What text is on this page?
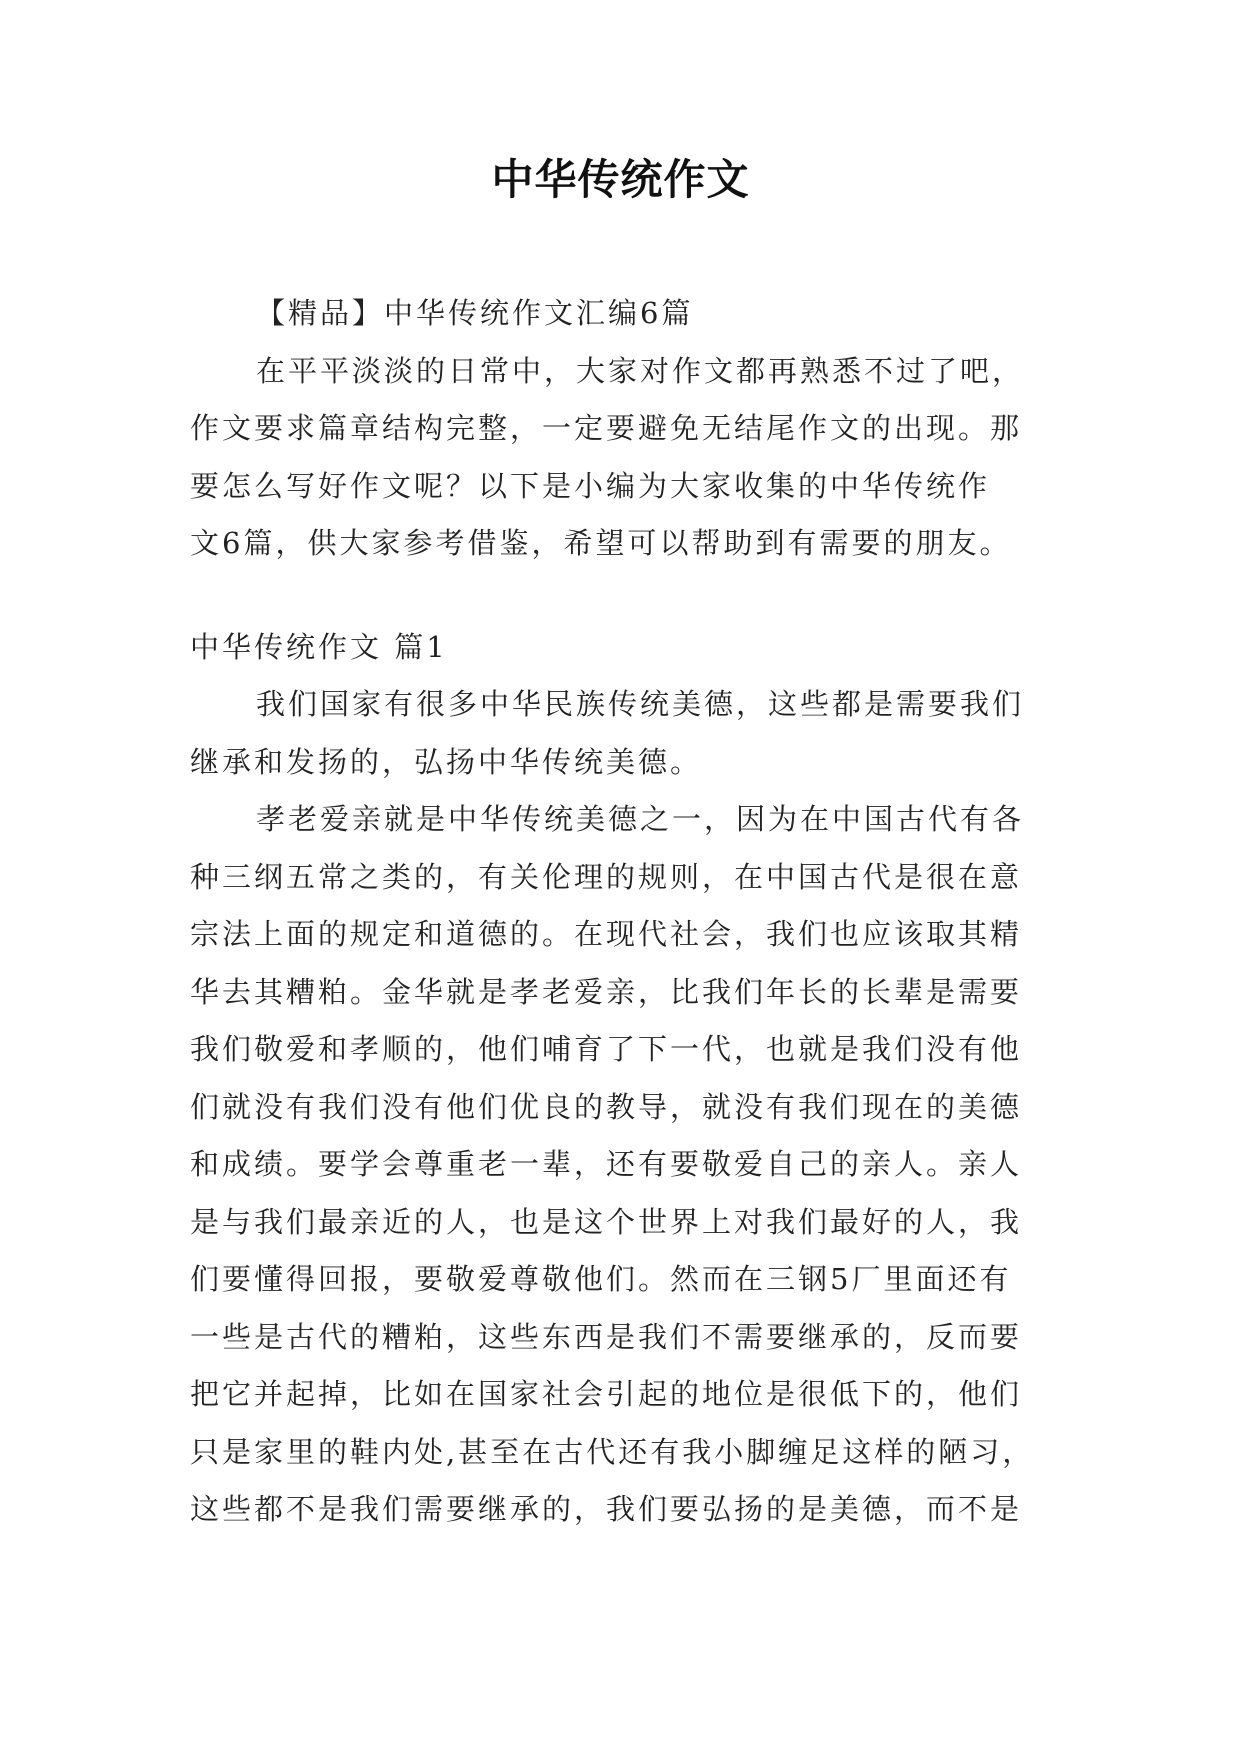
中华传统作文
【精品】中华传统作文汇编6篇
在平平淡淡的日常中，大家对作文都再熟悉不过了吧，
作文要求篇章结构完整，一定要避免无结尾作文的出现。那
要怎么写好作文呢？以下是小编为大家收集的中华传统作
文6篇，供大家参考借鉴，希望可以帮助到有需要的朋友。
中华传统作文 篇1
我们国家有很多中华民族传统美德，这些都是需要我们
继承和发扬的，弘扬中华传统美德。
孝老爱亲就是中华传统美德之一，因为在中国古代有各
种三纲五常之类的，有关伦理的规则，在中国古代是很在意
宗法上面的规定和道德的。在现代社会，我们也应该取其精
华去其糟粕。金华就是孝老爱亲，比我们年长的长辈是需要
我们敬爱和孝顺的，他们哺育了下一代，也就是我们没有他
们就没有我们没有他们优良的教导，就没有我们现在的美德
和成绩。要学会尊重老一辈，还有要敬爱自己的亲人。亲人
是与我们最亲近的人，也是这个世界上对我们最好的人，我
们要懂得回报，要敬爱尊敬他们。然而在三钢5厂里面还有
一些是古代的糟粕，这些东西是我们不需要继承的，反而要
把它并起掉，比如在国家社会引起的地位是很低下的，他们
只是家里的鞋内处,甚至在古代还有我小脚缠足这样的陋习，
这些都不是我们需要继承的，我们要弘扬的是美德，而不是
